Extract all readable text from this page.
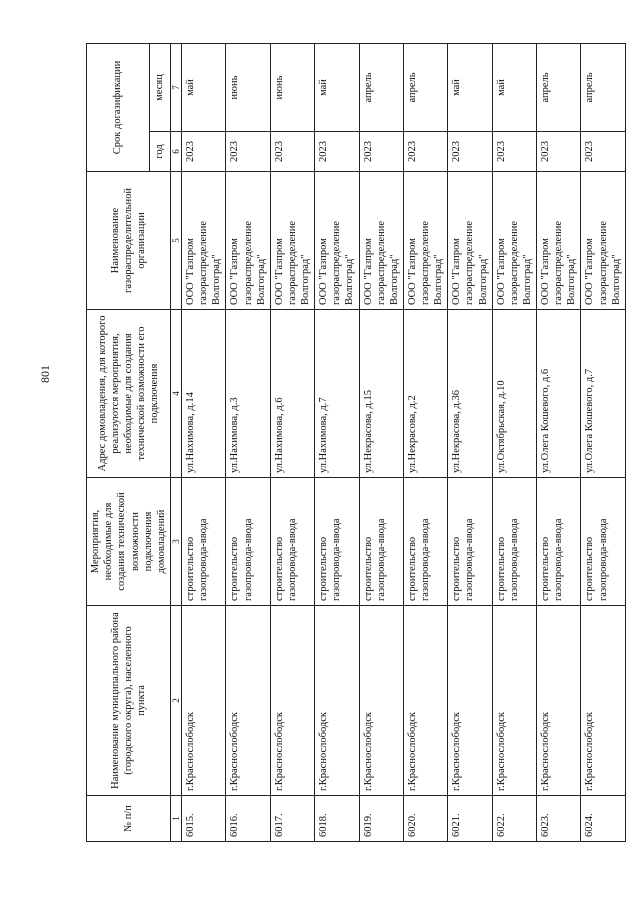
801
№ п/п	Наименование муниципального района (городского округа), населенного пункта	Мероприятия, необходимые для создания технической возможности подключения домовладений	Адрес домовладения, для которого реализуются мероприятия, необходимые для создания технической возможности его подключения	Наименование газораспределительной организации	Срок догазификации	
					год	месяц
1	2	3	4	5	6	7
6015.	г.Краснослободск	строительство газопровода-ввода	ул.Нахимова, д.14	ООО "Газпром газораспределение Волгоград"	2023	май
6016.	г.Краснослободск	строительство газопровода-ввода	ул.Нахимова, д.3	ООО "Газпром газораспределение Волгоград"	2023	июнь
6017.	г.Краснослободск	строительство газопровода-ввода	ул.Нахимова, д.6	ООО "Газпром газораспределение Волгоград"	2023	июнь
6018.	г.Краснослободск	строительство газопровода-ввода	ул.Нахимова, д.7	ООО "Газпром газораспределение Волгоград"	2023	май
6019.	г.Краснослободск	строительство газопровода-ввода	ул.Некрасова, д.15	ООО "Газпром газораспределение Волгоград"	2023	апрель
6020.	г.Краснослободск	строительство газопровода-ввода	ул.Некрасова, д.2	ООО "Газпром газораспределение Волгоград"	2023	апрель
6021.	г.Краснослободск	строительство газопровода-ввода	ул.Некрасова, д.36	ООО "Газпром газораспределение Волгоград"	2023	май
6022.	г.Краснослободск	строительство газопровода-ввода	ул.Октябрьская, д.10	ООО "Газпром газораспределение Волгоград"	2023	май
6023.	г.Краснослободск	строительство газопровода-ввода	ул.Олега Кошевого, д.6	ООО "Газпром газораспределение Волгоград"	2023	апрель
6024.	г.Краснослободск	строительство газопровода-ввода	ул.Олега Кошевого, д.7	ООО "Газпром газораспределение Волгоград"	2023	апрель
